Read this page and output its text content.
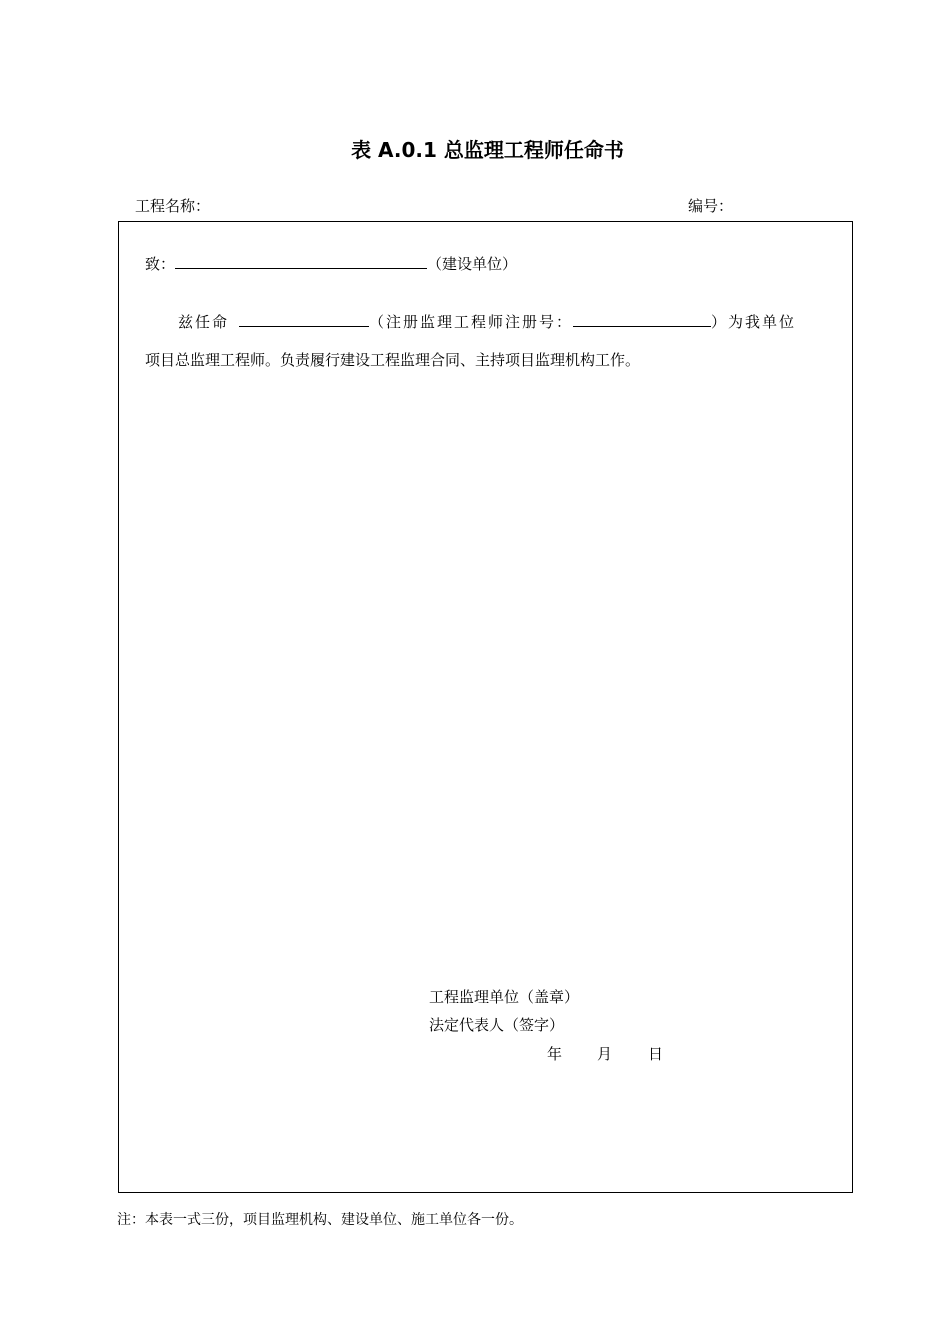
表 A.0.1 总监理工程师任命书
工程名称：	编号：
致：	（建设单位）
兹任命	（注册监理工程师注册号：	）为我单位
项目总监理工程师。负责履行建设工程监理合同、主持项目监理机构工作。
工程监理单位（盖章）
法定代表人（签字）
年 月 日
注：本表一式三份，项目监理机构、建设单位、施工单位各一份。
